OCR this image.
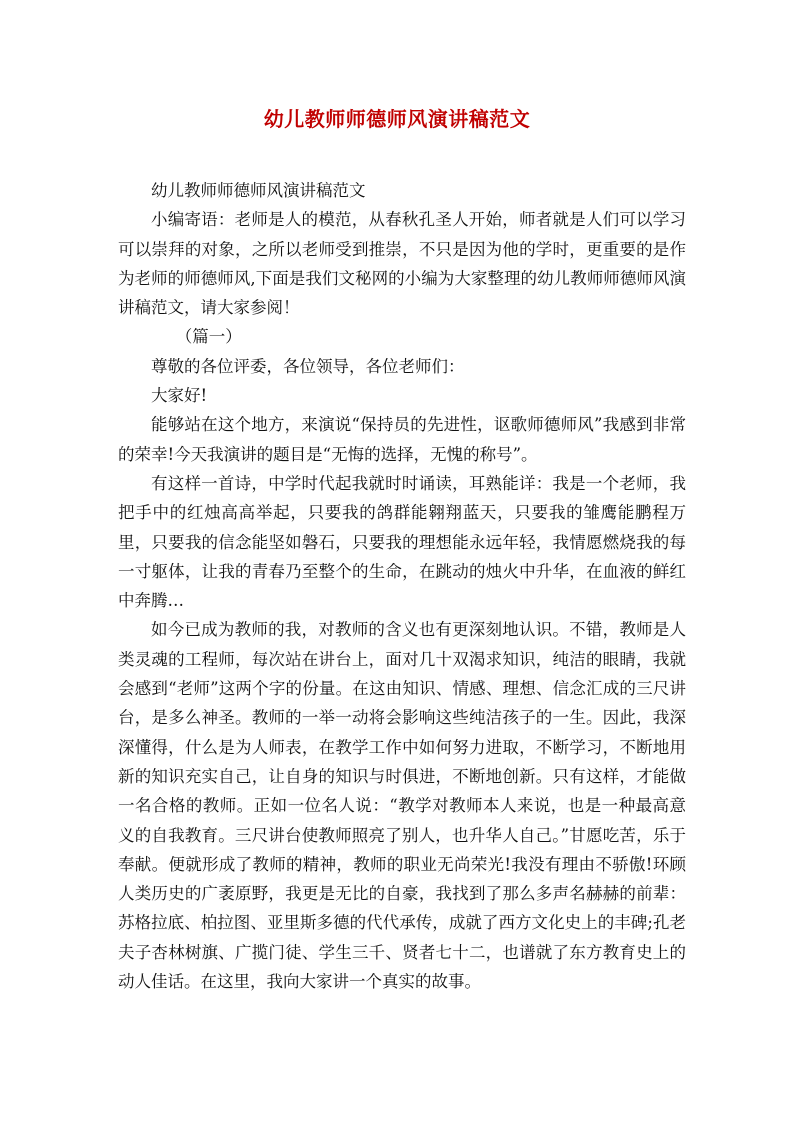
幼儿教师师德师风演讲稿范文

幼儿教师师德师风演讲稿范文

小编寄语：老师是人的模范，从春秋孔圣人开始，师者就是人们可以学习可以崇拜的对象，之所以老师受到推崇，不只是因为他的学时，更重要的是作为老师的师德师风,下面是我们文秘网的小编为大家整理的幼儿教师师德师风演讲稿范文，请大家参阅！

（篇一）

尊敬的各位评委，各位领导，各位老师们：

大家好!

能够站在这个地方，来演说“保持员的先进性，讴歌师德师风”我感到非常的荣幸!今天我演讲的题目是“无悔的选择，无愧的称号”。

有这样一首诗，中学时代起我就时时诵读，耳熟能详：我是一个老师，我把手中的红烛高高举起，只要我的鸽群能翱翔蓝天，只要我的雏鹰能鹏程万里，只要我的信念能坚如磐石，只要我的理想能永远年轻，我情愿燃烧我的每一寸躯体，让我的青春乃至整个的生命，在跳动的烛火中升华，在血液的鲜红中奔腾…

如今已成为教师的我，对教师的含义也有更深刻地认识。不错，教师是人类灵魂的工程师，每次站在讲台上，面对几十双渴求知识，纯洁的眼睛，我就会感到“老师”这两个字的份量。在这由知识、情感、理想、信念汇成的三尺讲台，是多么神圣。教师的一举一动将会影响这些纯洁孩子的一生。因此，我深深懂得，什么是为人师表，在教学工作中如何努力进取，不断学习，不断地用新的知识充实自己，让自身的知识与时俱进，不断地创新。只有这样，才能做一名合格的教师。正如一位名人说：“教学对教师本人来说，也是一种最高意义的自我教育。三尺讲台使教师照亮了别人，也升华人自己。”甘愿吃苦，乐于奉献。便就形成了教师的精神，教师的职业无尚荣光!我没有理由不骄傲!环顾人类历史的广袤原野，我更是无比的自豪，我找到了那么多声名赫赫的前辈：苏格拉底、柏拉图、亚里斯多德的代代承传，成就了西方文化史上的丰碑;孔老夫子杏林树旗、广揽门徒、学生三千、贤者七十二，也谱就了东方教育史上的动人佳话。在这里，我向大家讲一个真实的故事。
